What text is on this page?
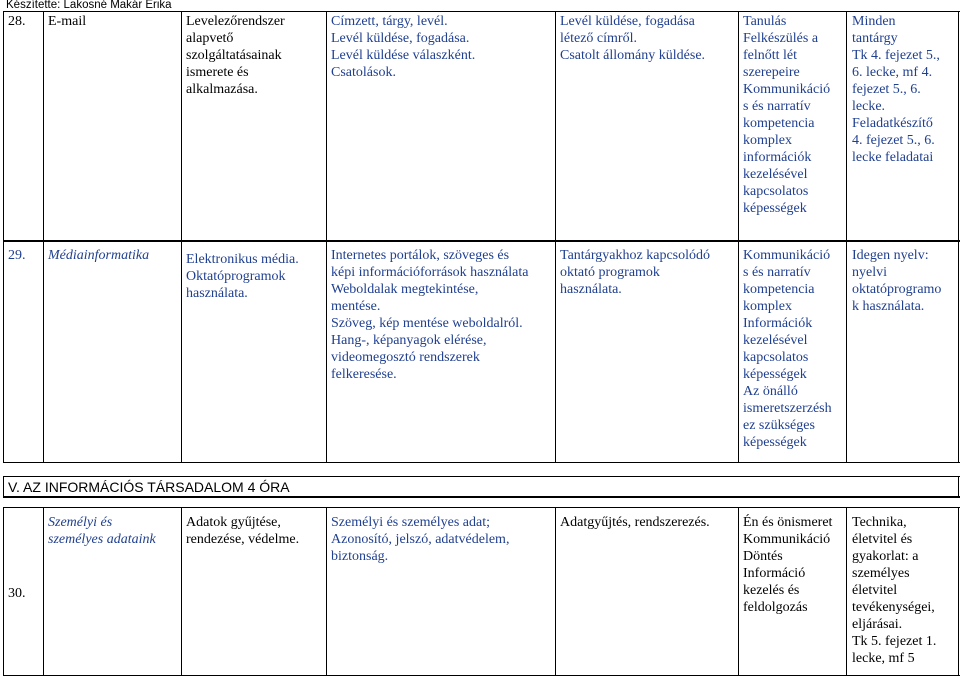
Készítette: Lakosné Makár Erika
V. AZ INFORMÁCIÓS TÁRSADALOM 4 ÓRA
28. E-mail	Levelezőrendszer
alapvető
szolgáltatásainak
ismerete és
alkalmazása.
Címzett, tárgy, levél.
Levél küldése, fogadása.
Levél küldése válaszként.
Csatolások.
Levél küldése, fogadása
létező címről.
Csatolt állomány küldése.
Tanulás
Felkészülés a
felnőtt lét
szerepeire
Kommunikáció
s és narratív
kompetencia
komplex
információk
kezelésével
kapcsolatos
képességek
Minden
tantárgy
Tk 4. fejezet 5.,
6. lecke, mf 4.
fejezet 5., 6.
lecke.
Feladatkészítő
4. fejezet 5., 6.
lecke feladatai
29. Médiainformatika	Elektronikus média.
Oktatóprogramok
használata.
Internetes portálok, szöveges és
képi információforrások használata
Weboldalak megtekintése,
mentése.
Szöveg, kép mentése weboldalról.
Hang-, képanyagok elérése,
videomegosztó rendszerek
felkeresése.
Tantárgyakhoz kapcsolódó
oktató programok
használata.
Kommunikáció
s és narratív
kompetencia
komplex
Információk
kezelésével
kapcsolatos
képességek
Az önálló
ismeretszerzésh
ez szükséges
képességek
Idegen nyelv:
nyelvi
oktatóprogramo
k használata.
30.
Személyi és
személyes adataink
Adatok gyűjtése,
rendezése, védelme.
Személyi és személyes adat;
Azonosító, jelszó, adatvédelem,
biztonság.
Adatgyűjtés, rendszerezés. Én és önismeret
Kommunikáció
Döntés
Információ
kezelés és
feldolgozás
Technika,
életvitel és
gyakorlat: a
személyes
életvitel
tevékenységei,
eljárásai.
Tk 5. fejezet 1.
lecke, mf 5
